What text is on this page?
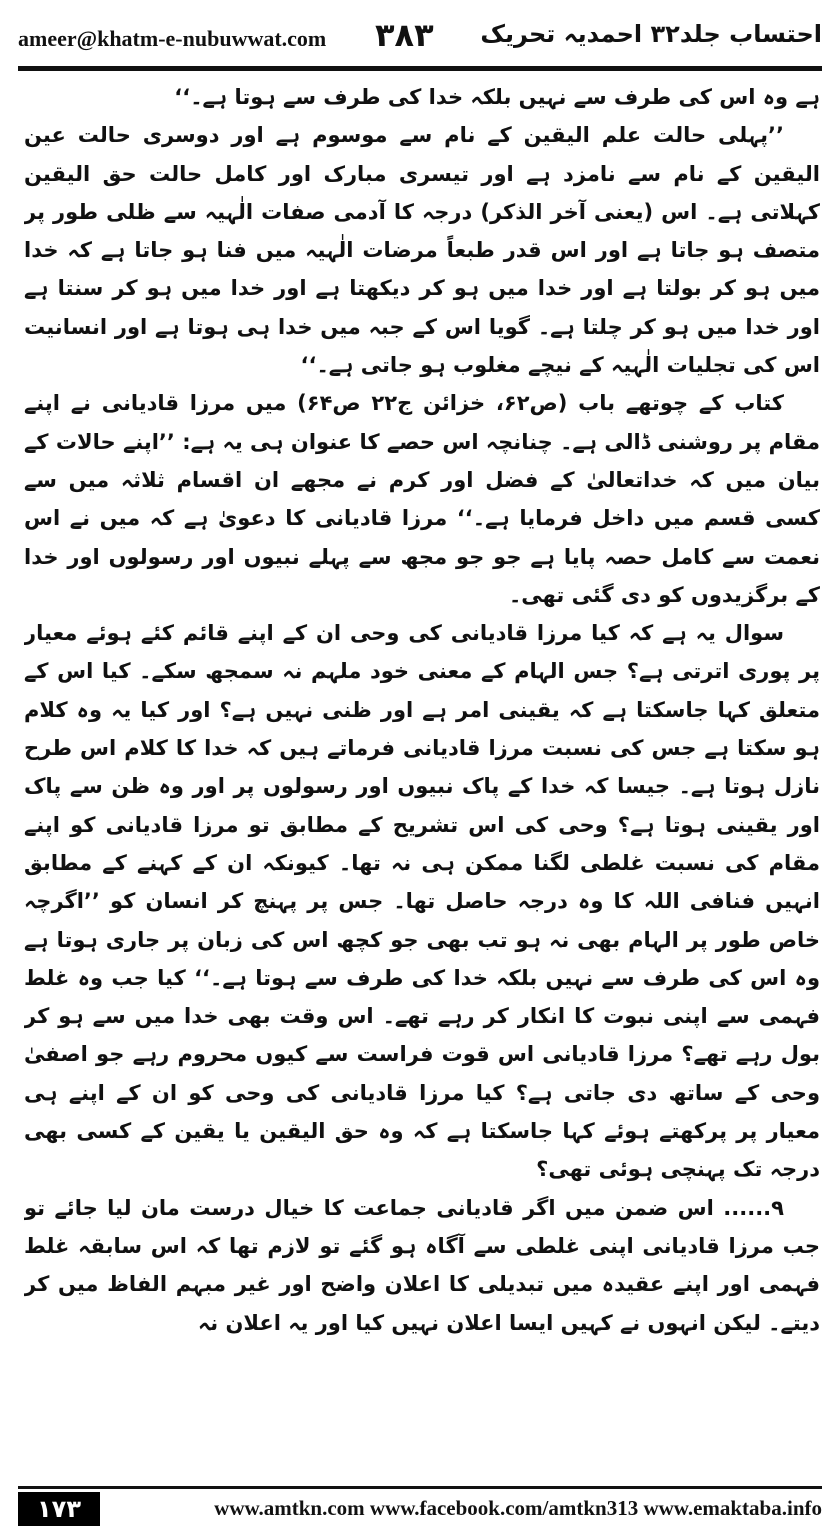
ameer@khatm-e-nubuwwat.com ۳۸۳ احتساب جلد۳۲ احمدیہ تحریک

ہے وہ اس کی طرف سے نہیں بلکہ خدا کی طرف سے ہوتا ہے۔‘‘

’’پہلی حالت علم الیقین کے نام سے موسوم ہے اور دوسری حالت عین الیقین کے نام سے نامزد ہے اور تیسری مبارک اور کامل حالت حق الیقین کہلاتی ہے۔ اس (یعنی آخر الذکر) درجہ کا آدمی صفات الٰہیہ سے ظلی طور پر متصف ہو جاتا ہے اور اس قدر طبعاً مرضات الٰہیہ میں فنا ہو جاتا ہے کہ خدا میں ہو کر بولتا ہے اور خدا میں ہو کر دیکھتا ہے اور خدا میں ہو کر سنتا ہے اور خدا میں ہو کر چلتا ہے۔ گویا اس کے جبہ میں خدا ہی ہوتا ہے اور انسانیت اس کی تجلیات الٰہیہ کے نیچے مغلوب ہو جاتی ہے۔‘‘

کتاب کے چوتھے باب (ص۶۲، خزائن ج۲۲ ص۶۴) میں مرزا قادیانی نے اپنے مقام پر روشنی ڈالی ہے۔ چنانچہ اس حصے کا عنوان ہی یہ ہے: ’’اپنے حالات کے بیان میں کہ خداتعالیٰ کے فضل اور کرم نے مجھے ان اقسام ثلاثہ میں سے کسی قسم میں داخل فرمایا ہے۔‘‘ مرزا قادیانی کا دعویٰ ہے کہ میں نے اس نعمت سے کامل حصہ پایا ہے جو جو مجھ سے پہلے نبیوں اور رسولوں اور خدا کے برگزیدوں کو دی گئی تھی۔

سوال یہ ہے کہ کیا مرزا قادیانی کی وحی ان کے اپنے قائم کئے ہوئے معیار پر پوری اترتی ہے؟ جس الہام کے معنی خود ملہم نہ سمجھ سکے۔ کیا اس کے متعلق کہا جاسکتا ہے کہ یقینی امر ہے اور ظنی نہیں ہے؟ اور کیا یہ وہ کلام ہو سکتا ہے جس کی نسبت مرزا قادیانی فرماتے ہیں کہ خدا کا کلام اس طرح نازل ہوتا ہے۔ جیسا کہ خدا کے پاک نبیوں اور رسولوں پر اور وہ ظن سے پاک اور یقینی ہوتا ہے؟ وحی کی اس تشریح کے مطابق تو مرزا قادیانی کو اپنے مقام کی نسبت غلطی لگنا ممکن ہی نہ تھا۔ کیونکہ ان کے کہنے کے مطابق انہیں فنافی اللہ کا وہ درجہ حاصل تھا۔ جس پر پہنچ کر انسان کو ’’اگرچہ خاص طور پر الہام بھی نہ ہو تب بھی جو کچھ اس کی زبان پر جاری ہوتا ہے وہ اس کی طرف سے نہیں بلکہ خدا کی طرف سے ہوتا ہے۔‘‘ کیا جب وہ غلط فہمی سے اپنی نبوت کا انکار کر رہے تھے۔ اس وقت بھی خدا میں سے ہو کر بول رہے تھے؟ مرزا قادیانی اس قوت فراست سے کیوں محروم رہے جو اصفیٰ وحی کے ساتھ دی جاتی ہے؟ کیا مرزا قادیانی کی وحی کو ان کے اپنے ہی معیار پر پرکھتے ہوئے کہا جاسکتا ہے کہ وہ حق الیقین یا یقین کے کسی بھی درجہ تک پہنچی ہوئی تھی؟

۹...... اس ضمن میں اگر قادیانی جماعت کا خیال درست مان لیا جائے تو جب مرزا قادیانی اپنی غلطی سے آگاہ ہو گئے تو لازم تھا کہ اس سابقہ غلط فہمی اور اپنے عقیدہ میں تبدیلی کا اعلان واضح اور غیر مبہم الفاظ میں کر دیتے۔ لیکن انہوں نے کہیں ایسا اعلان نہیں کیا اور یہ اعلان نہ

۱۷۳	www.amtkn.com www.facebook.com/amtkn313 www.emaktaba.info
